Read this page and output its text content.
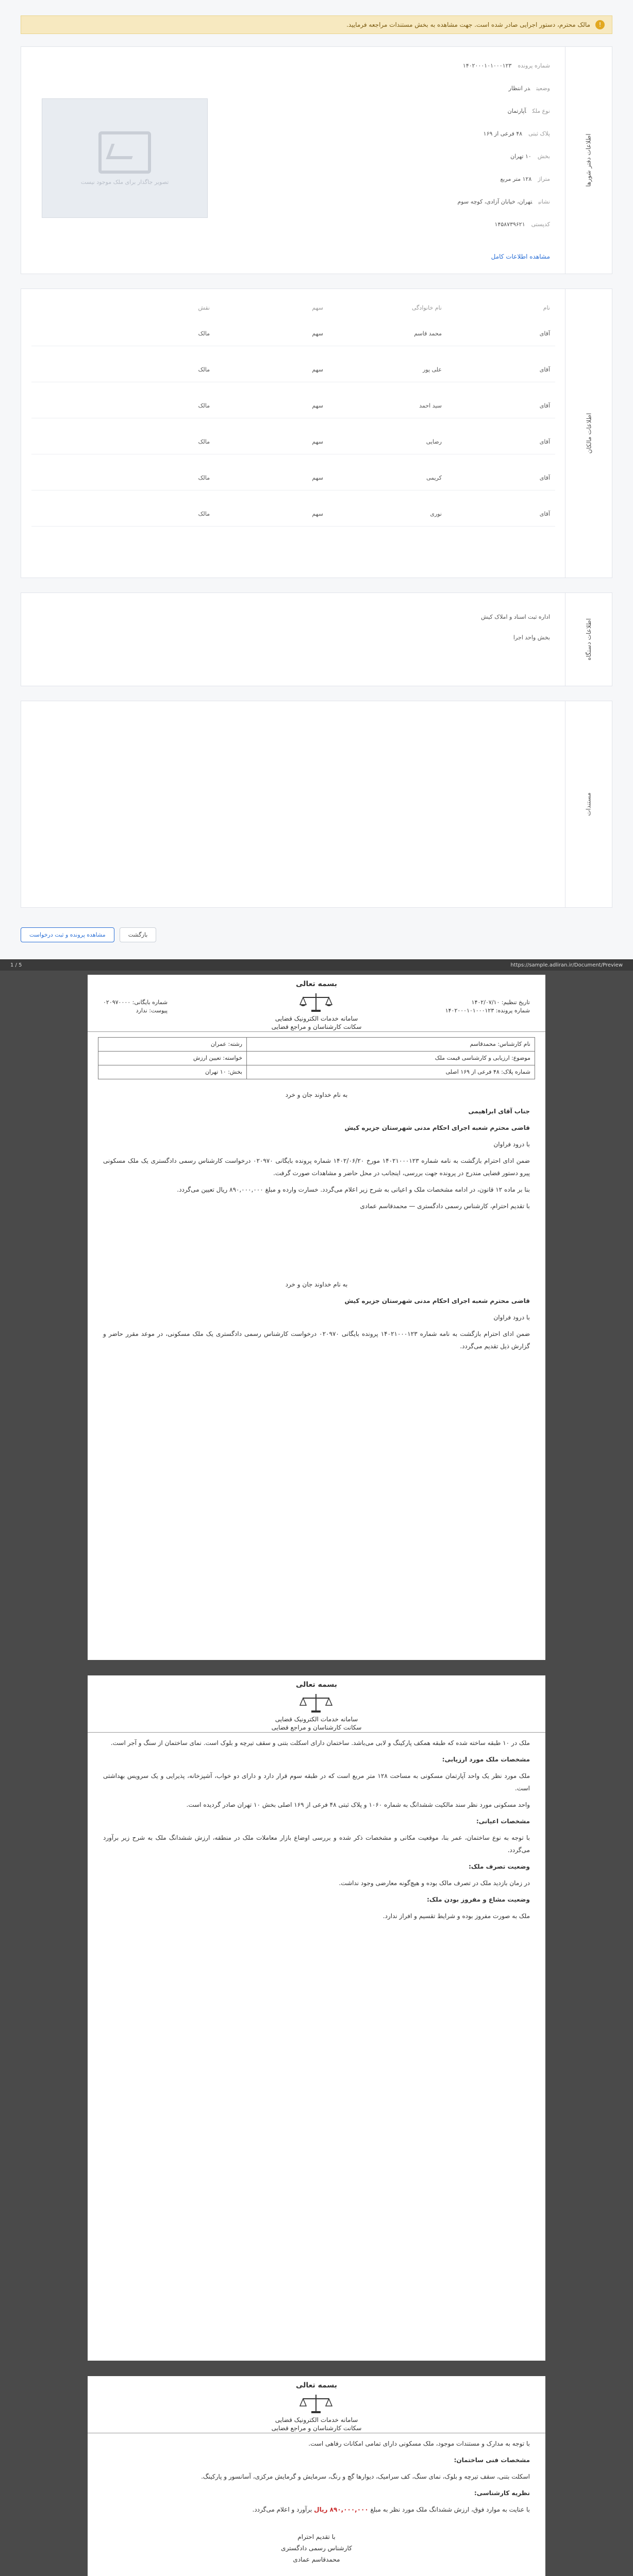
!
مالک محترم، دستور اجرایی صادر شده است. جهت مشاهده به بخش مستندات مراجعه فرمایید.
اطلاعات دفتر شورها
تصویر جاگذار برای ملک موجود نیست
شماره پرونده۱۴۰۲۰۰۰۱۰۱۰۰۰۱۲۳
وضعیتدر انتظار
نوع ملکآپارتمان
پلاک ثبتی۴۸ فرعی از ۱۶۹
بخش۱۰ تهران
متراژ۱۲۸ متر مربع
نشانیتهران، خیابان آزادی، کوچه سوم
کدپستی۱۴۵۸۷۳۹۶۲۱
مشاهده اطلاعات کامل
اطلاعات مالکان
نام
نام خانوادگی
سهم
نقش
آقای
محمد قاسم
سهم
مالک
آقای
علی پور
سهم
مالک
آقای
سید احمد
سهم
مالک
آقای
رضایی
سهم
مالک
آقای
کریمی
سهم
مالک
آقای
نوری
سهم
مالک
اطلاعات دستگاه
اداره ثبت اسناد و املاک کیش
بخش واحد اجرا
مستندات
بازگشت
مشاهده پرونده و ثبت درخواست
1 / 5	https://sample.adliran.ir/Document/Preview
بسمه تعالی
سامانه خدمات الکترونیک قضایی
سکانت کارشناسان و مراجع قضایی
تاریخ تنظیم: ۱۴۰۲/۰۷/۱۰
شماره پرونده: ۱۴۰۲۰۰۰۱۰۱۰۰۰۱۲۳
شماره بایگانی: ۰۲۰۹۷۰۰۰۰
پیوست: ندارد
نام کارشناس: محمدقاسم
رشته: عمران
موضوع: ارزیابی و کارشناسی قیمت ملک
خواسته: تعیین ارزش
شماره پلاک: ۴۸ فرعی از ۱۶۹ اصلی
بخش: ۱۰ تهران

به نام خداوند جان و خرد

جناب آقای ابراهیمی

قاضی محترم شعبه اجرای احکام مدنی شهرستان جزیره کیش

با درود فراوان

ضمن ادای احترام بازگشت به نامه شماره ۱۴۰۲۱۰۰۰۱۲۳ مورخ ۱۴۰۲/۰۶/۲۰ شماره پرونده بایگانی ۰۲۰۹۷۰ درخواست کارشناس رسمی دادگستری یک ملک مسکونی پیرو دستور قضایی مندرج در پرونده جهت بررسی، اینجانب در محل حاضر و مشاهدات صورت گرفت.

بنا بر ماده ۱۲ قانون، در ادامه مشخصات ملک و اعیانی به شرح زیر اعلام می‌گردد. خسارت وارده و مبلغ ۸۹۰,۰۰۰,۰۰۰ ریال تعیین می‌گردد.

با تقدیم احترام، کارشناس رسمی دادگستری — محمدقاسم عمادی

به نام خداوند جان و خرد

قاضی محترم شعبه اجرای احکام مدنی شهرستان جزیره کیش

با درود فراوان

ضمن ادای احترام بازگشت به نامه شماره ۱۴۰۲۱۰۰۰۱۲۳ پرونده بایگانی ۰۲۰۹۷۰ درخواست کارشناس رسمی دادگستری یک ملک مسکونی، در موعد مقرر حاضر و گزارش ذیل تقدیم می‌گردد.

بسمه تعالی
سامانه خدمات الکترونیک قضایی
سکانت کارشناسان و مراجع قضایی

ملک در ۱۰ طبقه ساخته شده که طبقه همکف پارکینگ و لابی می‌باشد. ساختمان دارای اسکلت بتنی و سقف تیرچه و بلوک است. نمای ساختمان از سنگ و آجر است.

مشخصات ملک مورد ارزیابی:

ملک مورد نظر یک واحد آپارتمان مسکونی به مساحت ۱۲۸ متر مربع است که در طبقه سوم قرار دارد و دارای دو خواب، آشپزخانه، پذیرایی و یک سرویس بهداشتی است.

واحد مسکونی مورد نظر سند مالکیت ششدانگ به شماره ۱۰۶۰ و پلاک ثبتی ۴۸ فرعی از ۱۶۹ اصلی بخش ۱۰ تهران صادر گردیده است.

مشخصات اعیانی:

با توجه به نوع ساختمان، عمر بنا، موقعیت مکانی و مشخصات ذکر شده و بررسی اوضاع بازار معاملات ملک در منطقه، ارزش ششدانگ ملک به شرح زیر برآورد می‌گردد.

وضعیت تصرف ملک:

در زمان بازدید ملک در تصرف مالک بوده و هیچ‌گونه معارضی وجود نداشت.

وضعیت مشاع و مفروز بودن ملک:

ملک به صورت مفروز بوده و شرایط تقسیم و افراز ندارد.

بسمه تعالی
سامانه خدمات الکترونیک قضایی
سکانت کارشناسان و مراجع قضایی

با توجه به مدارک و مستندات موجود، ملک مسکونی دارای تمامی امکانات رفاهی است.

مشخصات فنی ساختمان:

اسکلت بتنی، سقف تیرچه و بلوک، نمای سنگ، کف سرامیک، دیوارها گچ و رنگ، سرمایش و گرمایش مرکزی، آسانسور و پارکینگ.

نظریه کارشناسی:

با عنایت به موارد فوق، ارزش ششدانگ ملک مورد نظر به مبلغ ۸۹۰,۰۰۰,۰۰۰ ریال برآورد و اعلام می‌گردد.

با تقدیم احترام
کارشناس رسمی دادگستری
محمدقاسم عمادی
